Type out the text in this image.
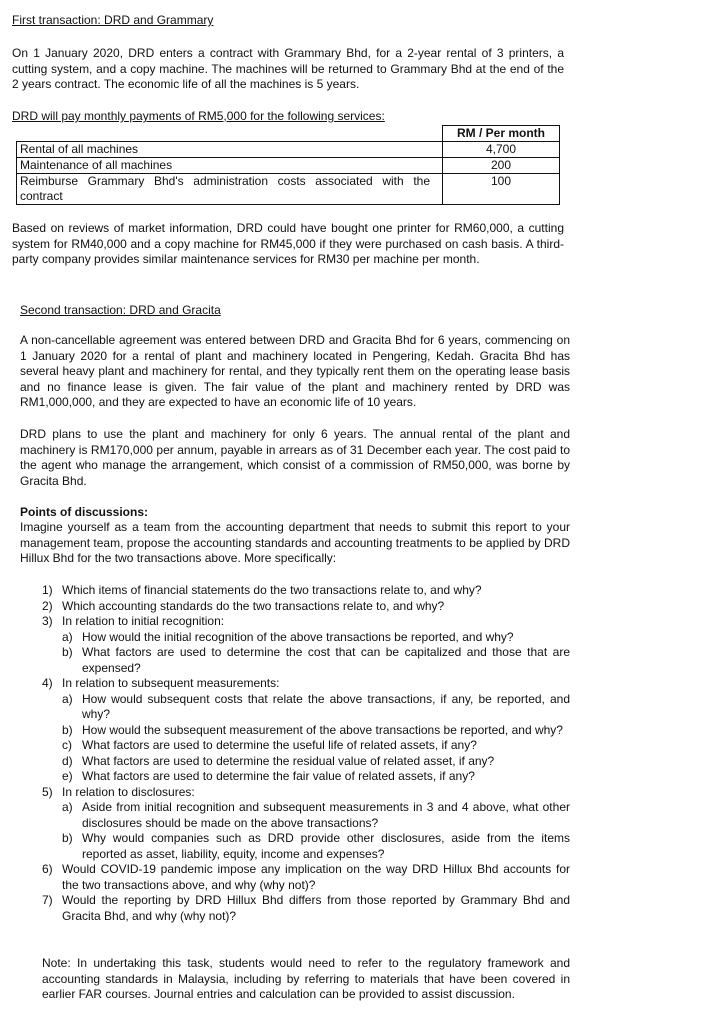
First transaction: DRD and Grammary
On 1 January 2020, DRD enters a contract with Grammary Bhd, for a 2-year rental of 3 printers, a cutting system, and a copy machine. The machines will be returned to Grammary Bhd at the end of the 2 years contract. The economic life of all the machines is 5 years.
DRD will pay monthly payments of RM5,000 for the following services:
	RM / Per month
Rental of all machines	4,700
Maintenance of all machines	200
Reimburse Grammary Bhd's administration costs associated with the contract	100
Based on reviews of market information, DRD could have bought one printer for RM60,000, a cutting system for RM40,000 and a copy machine for RM45,000 if they were purchased on cash basis. A third-party company provides similar maintenance services for RM30 per machine per month.
Second transaction: DRD and Gracita
A non-cancellable agreement was entered between DRD and Gracita Bhd for 6 years, commencing on 1 January 2020 for a rental of plant and machinery located in Pengering, Kedah. Gracita Bhd has several heavy plant and machinery for rental, and they typically rent them on the operating lease basis and no finance lease is given. The fair value of the plant and machinery rented by DRD was RM1,000,000, and they are expected to have an economic life of 10 years.
DRD plans to use the plant and machinery for only 6 years. The annual rental of the plant and machinery is RM170,000 per annum, payable in arrears as of 31 December each year. The cost paid to the agent who manage the arrangement, which consist of a commission of RM50,000, was borne by Gracita Bhd.
Points of discussions:
Imagine yourself as a team from the accounting department that needs to submit this report to your management team, propose the accounting standards and accounting treatments to be applied by DRD Hillux Bhd for the two transactions above. More specifically:
1) Which items of financial statements do the two transactions relate to, and why?
2) Which accounting standards do the two transactions relate to, and why?
3) In relation to initial recognition:
a) How would the initial recognition of the above transactions be reported, and why?
b) What factors are used to determine the cost that can be capitalized and those that are expensed?
4) In relation to subsequent measurements:
a) How would subsequent costs that relate the above transactions, if any, be reported, and why?
b) How would the subsequent measurement of the above transactions be reported, and why?
c) What factors are used to determine the useful life of related assets, if any?
d) What factors are used to determine the residual value of related asset, if any?
e) What factors are used to determine the fair value of related assets, if any?
5) In relation to disclosures:
a) Aside from initial recognition and subsequent measurements in 3 and 4 above, what other disclosures should be made on the above transactions?
b) Why would companies such as DRD provide other disclosures, aside from the items reported as asset, liability, equity, income and expenses?
6) Would COVID-19 pandemic impose any implication on the way DRD Hillux Bhd accounts for the two transactions above, and why (why not)?
7) Would the reporting by DRD Hillux Bhd differs from those reported by Grammary Bhd and Gracita Bhd, and why (why not)?
Note: In undertaking this task, students would need to refer to the regulatory framework and accounting standards in Malaysia, including by referring to materials that have been covered in earlier FAR courses. Journal entries and calculation can be provided to assist discussion.
